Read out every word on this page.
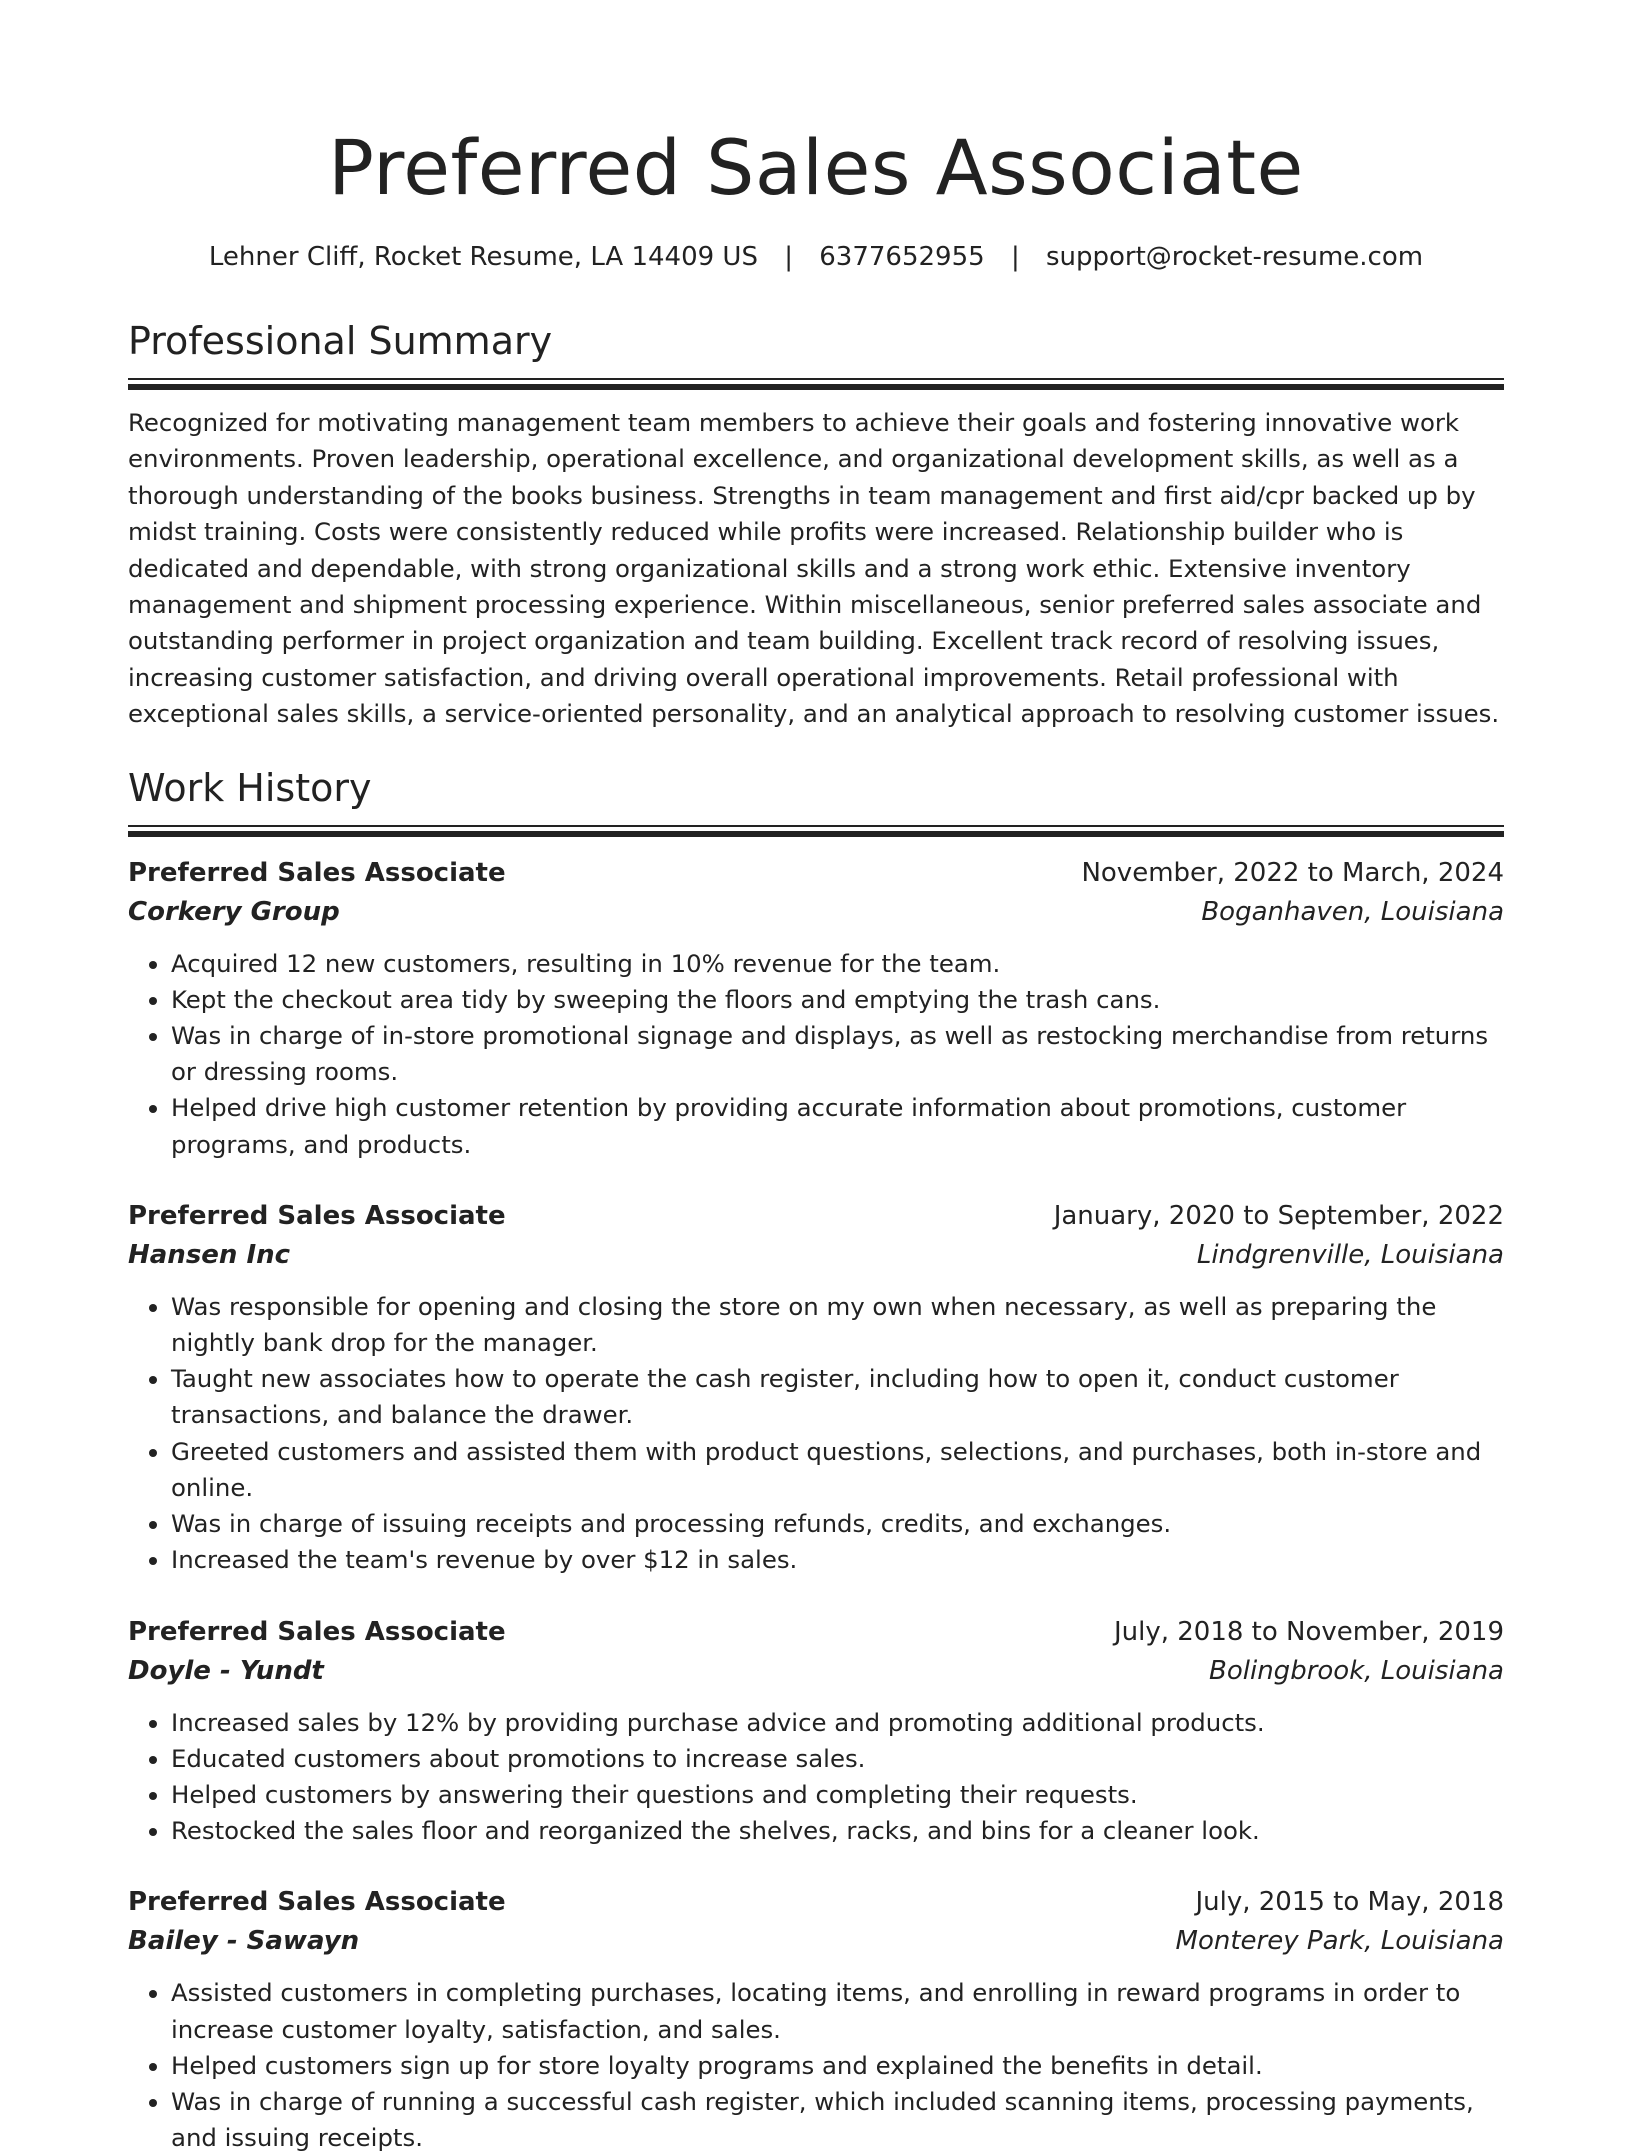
Preferred Sales Associate
Lehner Cliff, Rocket Resume, LA 14409 US | 6377652955 | support@rocket-resume.com
Professional Summary

Recognized for motivating management team members to achieve their goals and fostering innovative work environments. Proven leadership, operational excellence, and organizational development skills, as well as a thorough understanding of the books business. Strengths in team management and first aid/cpr backed up by midst training. Costs were consistently reduced while profits were increased. Relationship builder who is dedicated and dependable, with strong organizational skills and a strong work ethic. Extensive inventory management and shipment processing experience. Within miscellaneous, senior preferred sales associate and outstanding performer in project organization and team building. Excellent track record of resolving issues, increasing customer satisfaction, and driving overall operational improvements. Retail professional with exceptional sales skills, a service-oriented personality, and an analytical approach to resolving customer issues.

Work History
Preferred Sales Associate	November, 2022 to March, 2024
Corkery Group	Boganhaven, Louisiana
• Acquired 12 new customers, resulting in 10% revenue for the team.
• Kept the checkout area tidy by sweeping the floors and emptying the trash cans.
• Was in charge of in-store promotional signage and displays, as well as restocking merchandise from returns or dressing rooms.
• Helped drive high customer retention by providing accurate information about promotions, customer programs, and products.
Preferred Sales Associate	January, 2020 to September, 2022
Hansen Inc	Lindgrenville, Louisiana
• Was responsible for opening and closing the store on my own when necessary, as well as preparing the nightly bank drop for the manager.
• Taught new associates how to operate the cash register, including how to open it, conduct customer transactions, and balance the drawer.
• Greeted customers and assisted them with product questions, selections, and purchases, both in-store and online.
• Was in charge of issuing receipts and processing refunds, credits, and exchanges.
• Increased the team's revenue by over $12 in sales.
Preferred Sales Associate	July, 2018 to November, 2019
Doyle - Yundt	Bolingbrook, Louisiana
• Increased sales by 12% by providing purchase advice and promoting additional products.
• Educated customers about promotions to increase sales.
• Helped customers by answering their questions and completing their requests.
• Restocked the sales floor and reorganized the shelves, racks, and bins for a cleaner look.
Preferred Sales Associate	July, 2015 to May, 2018
Bailey - Sawayn	Monterey Park, Louisiana
• Assisted customers in completing purchases, locating items, and enrolling in reward programs in order to increase customer loyalty, satisfaction, and sales.
• Helped customers sign up for store loyalty programs and explained the benefits in detail.
• Was in charge of running a successful cash register, which included scanning items, processing payments, and issuing receipts.
